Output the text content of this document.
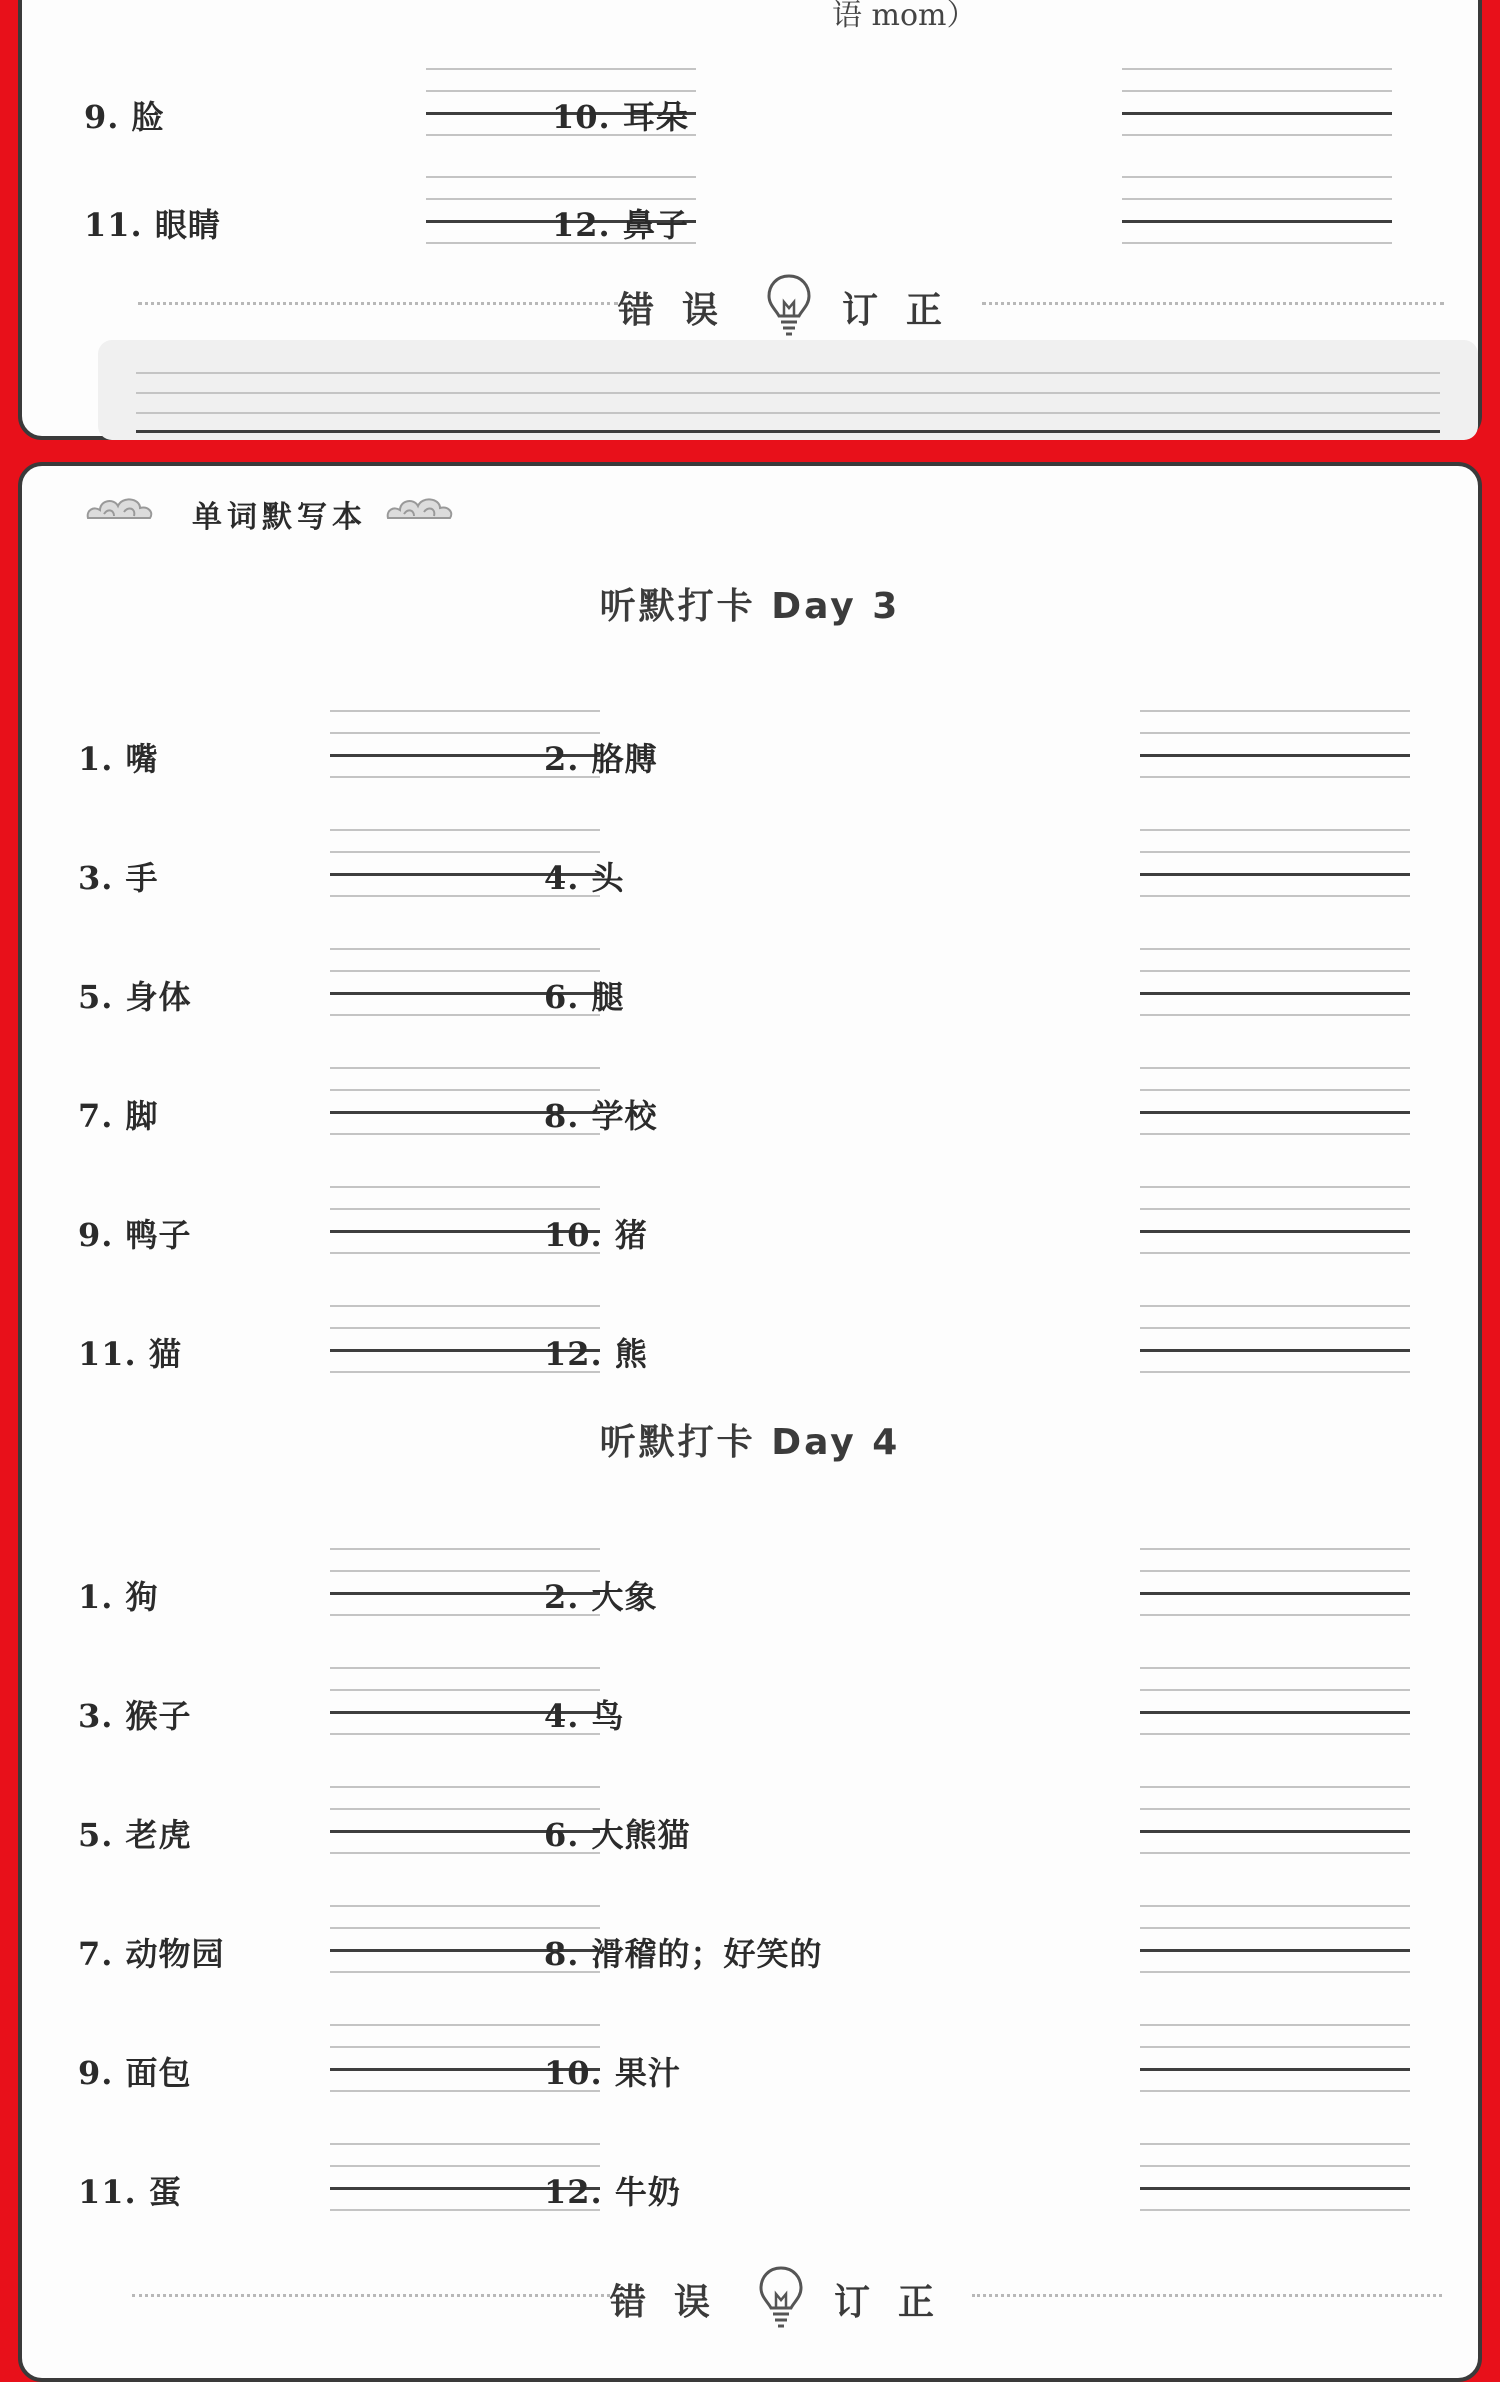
语 mom）
9. 脸	10. 耳朵
11. 眼睛	12. 鼻子
错误	订正
单词默写本
听默打卡 Day 3
1. 嘴	2. 胳膊
3. 手	4. 头
5. 身体	6. 腿
7. 脚	8. 学校
9. 鸭子	10. 猪
11. 猫	12. 熊
听默打卡 Day 4
1. 狗	2. 大象
3. 猴子	4. 鸟
5. 老虎	6. 大熊猫
7. 动物园	8. 滑稽的；好笑的
9. 面包	10. 果汁
11. 蛋	12. 牛奶
错误	订正
